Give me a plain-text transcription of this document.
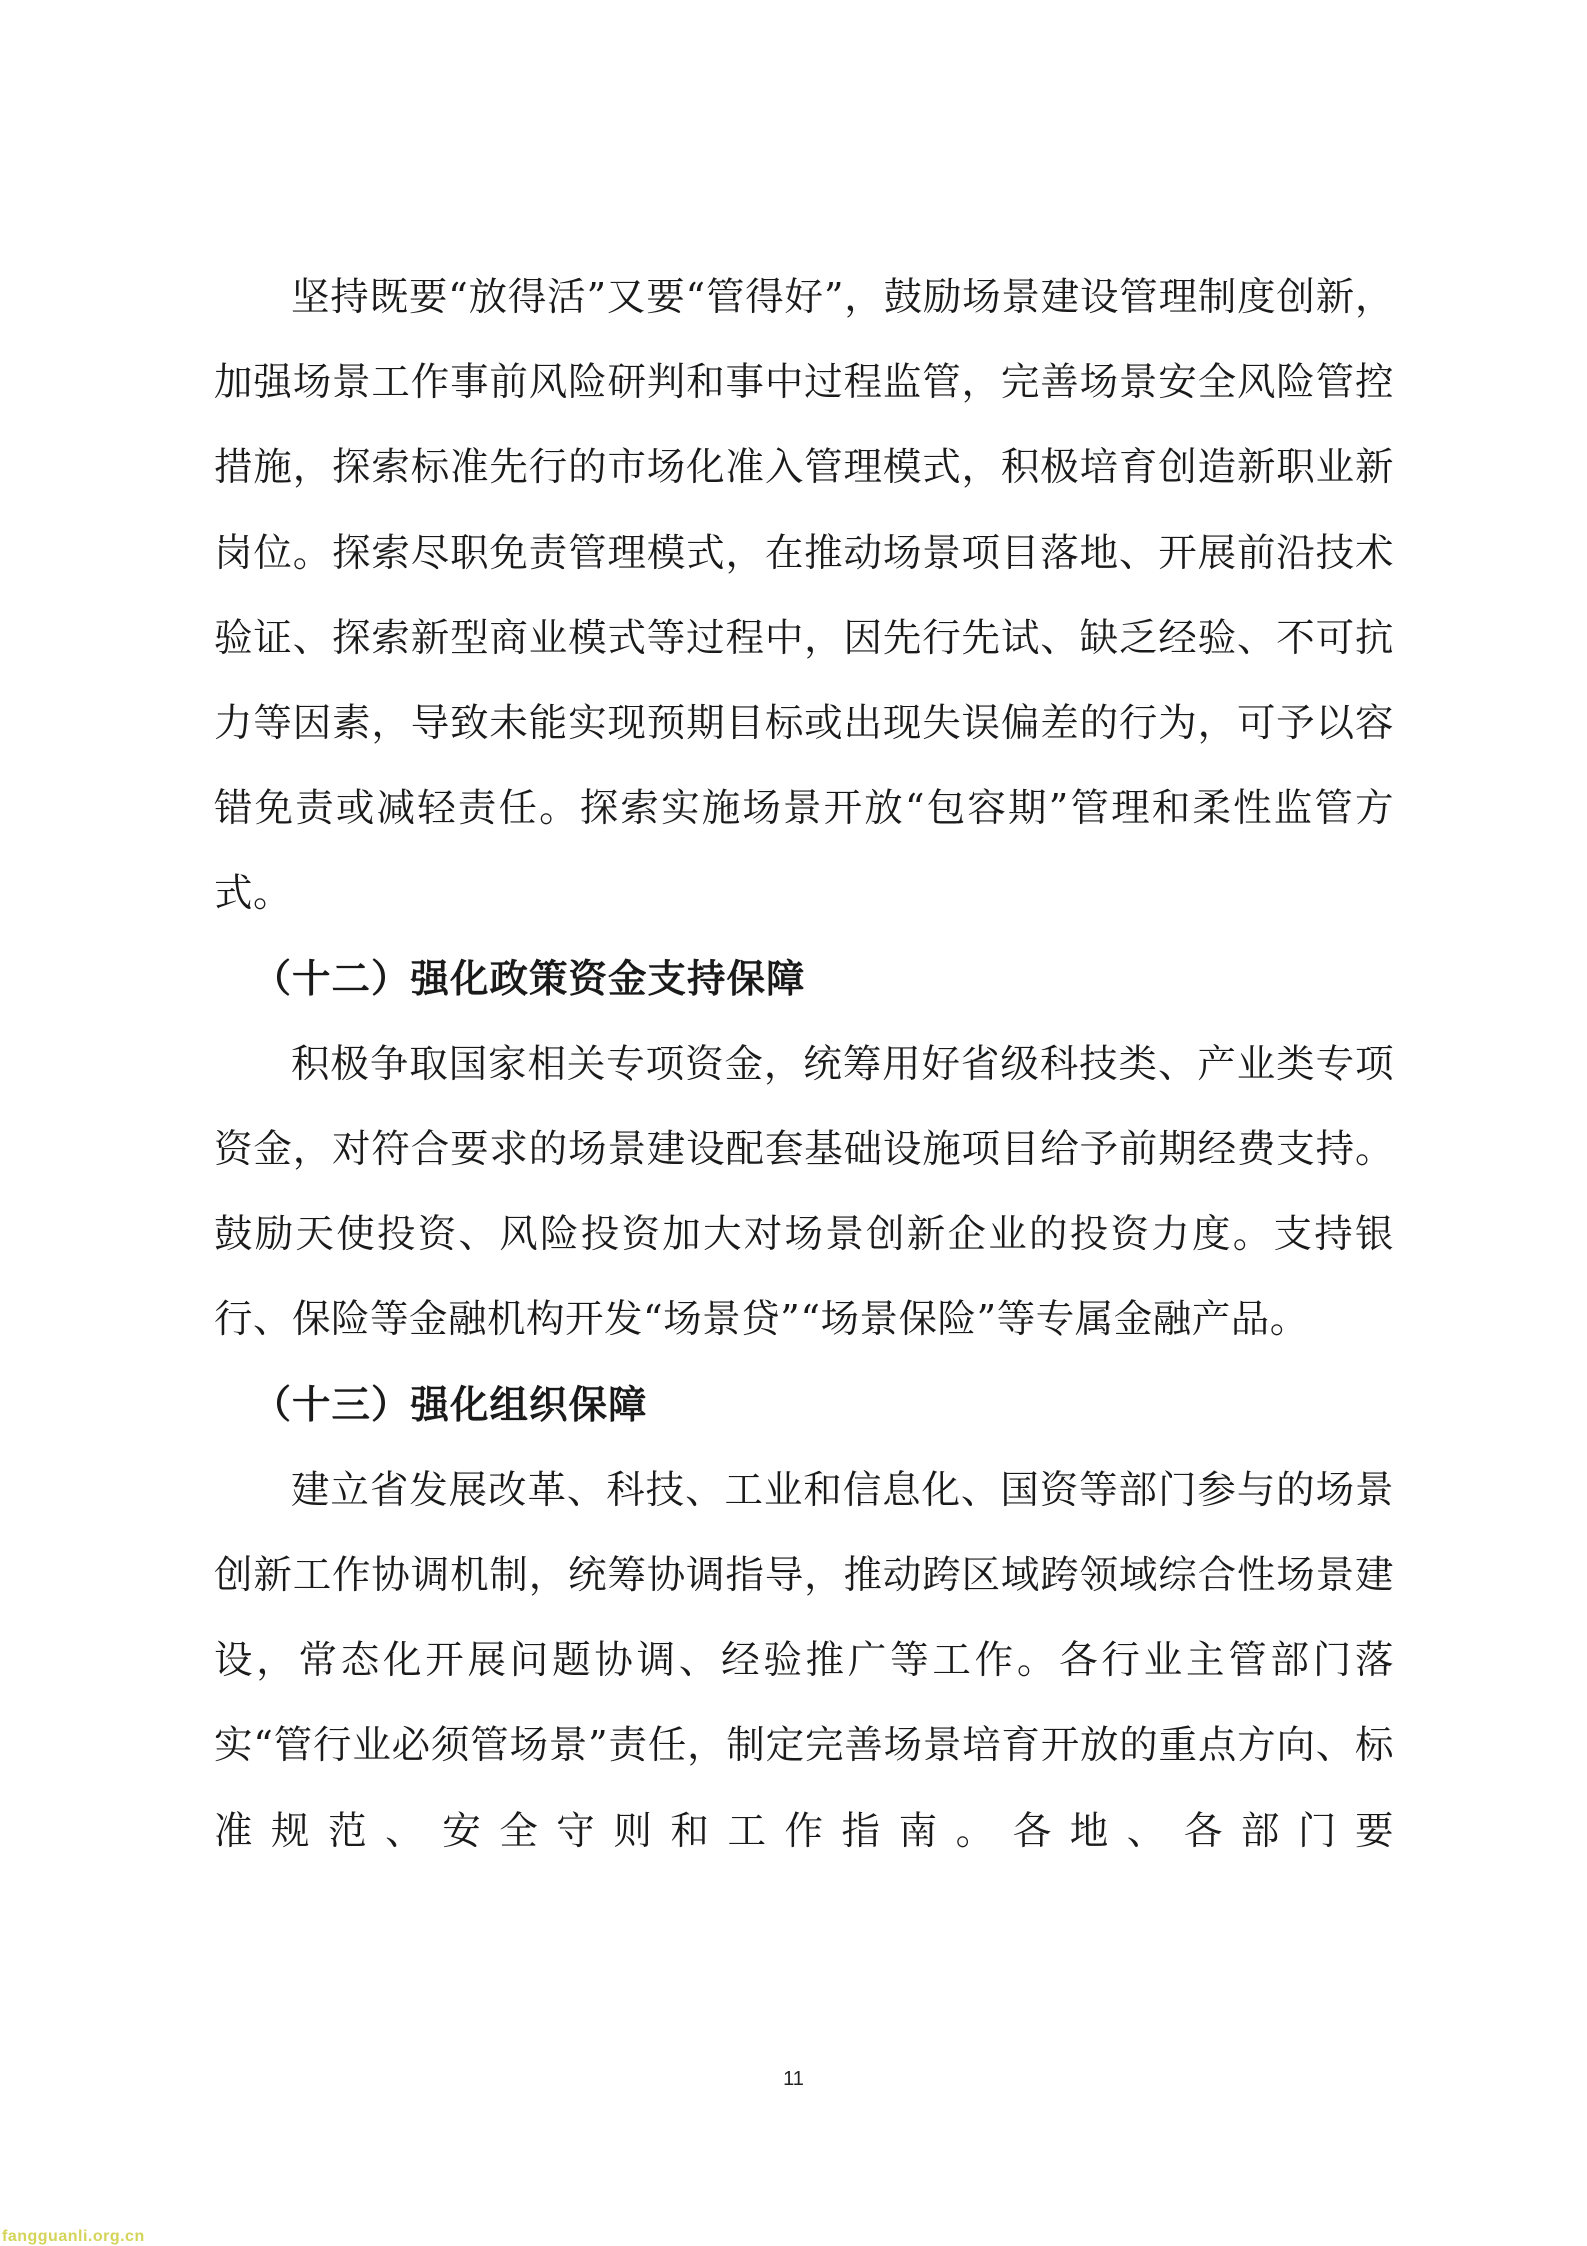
坚持既要“放得活”又要“管得好”，鼓励场景建设管理制度创新，加强场景工作事前风险研判和事中过程监管，完善场景安全风险管控措施，探索标准先行的市场化准入管理模式，积极培育创造新职业新岗位。探索尽职免责管理模式，在推动场景项目落地、开展前沿技术验证、探索新型商业模式等过程中，因先行先试、缺乏经验、不可抗力等因素，导致未能实现预期目标或出现失误偏差的行为，可予以容错免责或减轻责任。探索实施场景开放“包容期”管理和柔性监管方式。

（十二）强化政策资金支持保障

积极争取国家相关专项资金，统筹用好省级科技类、产业类专项资金，对符合要求的场景建设配套基础设施项目给予前期经费支持。鼓励天使投资、风险投资加大对场景创新企业的投资力度。支持银行、保险等金融机构开发“场景贷”“场景保险”等专属金融产品。

（十三）强化组织保障

建立省发展改革、科技、工业和信息化、国资等部门参与的场景创新工作协调机制，统筹协调指导，推动跨区域跨领域综合性场景建设，常态化开展问题协调、经验推广等工作。各行业主管部门落实“管行业必须管场景”责任，制定完善场景培育开放的重点方向、标准规范、安全守则和工作指南。各地、各部门要

11
fangguanli.org.cn
